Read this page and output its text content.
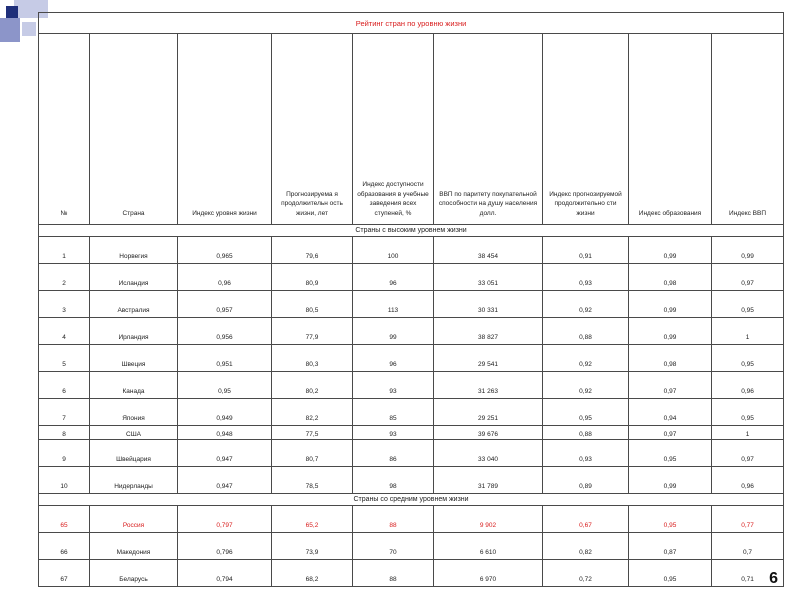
Рейтинг стран по уровню жизни								
№	Страна	Индекс уровня жизни	Прогнозируема я продолжительн ость жизни, лет	Индекс доступности образования в учебные заведения всех ступеней, %	ВВП по паритету покупательной способности на душу населения долл.	Индекс прогнозируемой продолжительно сти жизни	Индекс образования	Индекс ВВП
Страны с высоким уровнем жизни								
1	Норвегия	0,965	79,6	100	38 454	0,91	0,99	0,99
2	Исландия	0,96	80,9	96	33 051	0,93	0,98	0,97
3	Австралия	0,957	80,5	113	30 331	0,92	0,99	0,95
4	Ирландия	0,956	77,9	99	38 827	0,88	0,99	1
5	Швеция	0,951	80,3	96	29 541	0,92	0,98	0,95
6	Канада	0,95	80,2	93	31 263	0,92	0,97	0,96
7	Япония	0,949	82,2	85	29 251	0,95	0,94	0,95
8	США	0,948	77,5	93	39 676	0,88	0,97	1
9	Швейцария	0,947	80,7	86	33 040	0,93	0,95	0,97
10	Нидерланды	0,947	78,5	98	31 789	0,89	0,99	0,96
Страны со средним уровнем жизни								
65	Россия	0,797	65,2	88	9 902	0,67	0,95	0,77
66	Македония	0,796	73,9	70	6 610	0,82	0,87	0,7
67	Беларусь	0,794	68,2	88	6 970	0,72	0,95	0,71 6
